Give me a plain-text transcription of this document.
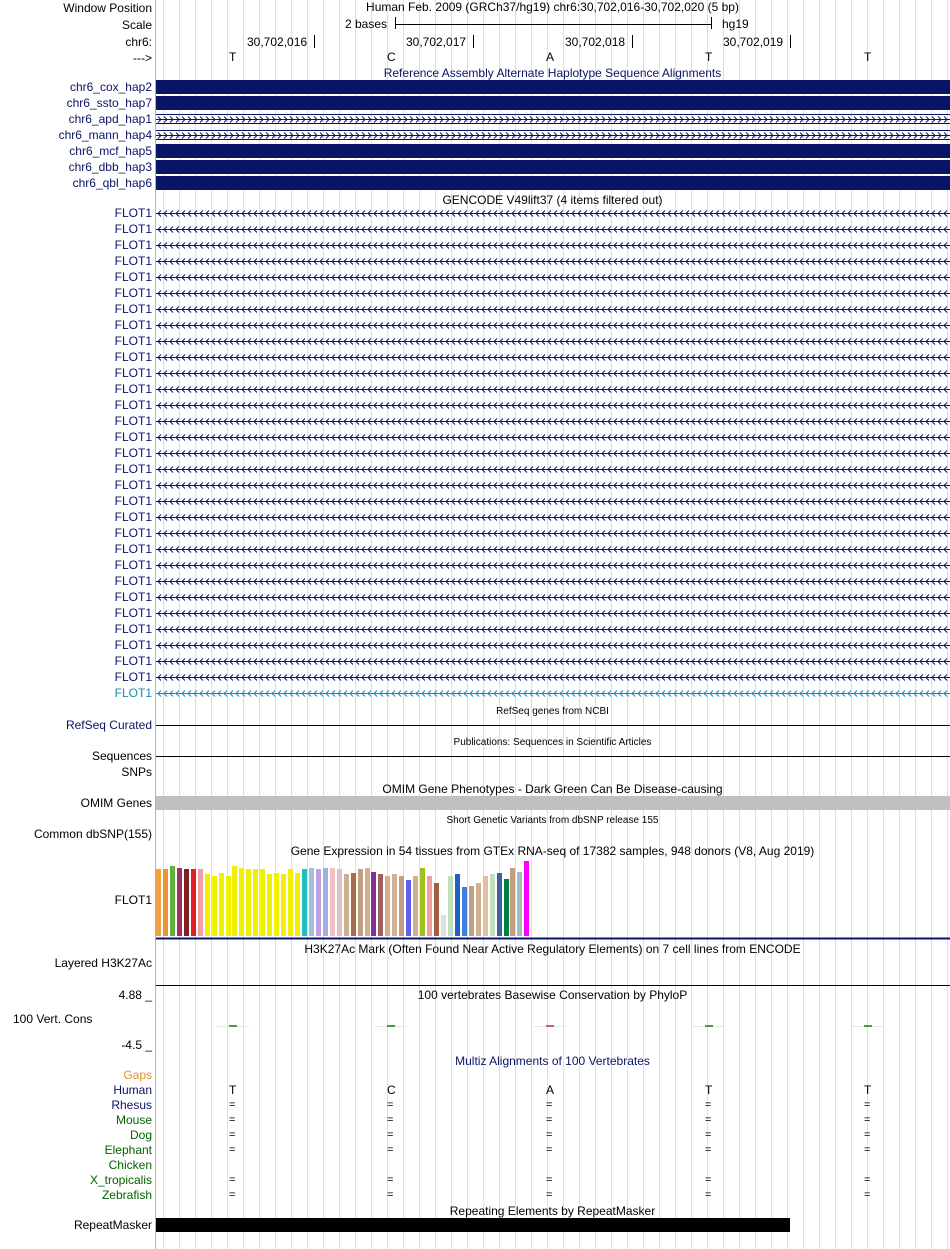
Window Position	Human Feb. 2009 (GRCh37/hg19) chr6:30,702,016-30,702,020 (5 bp)
Scale	2 bases	hg19
chr6:	30,702,016	30,702,017	30,702,018	30,702,019
--->	T	C	A	T	T
Reference Assembly Alternate Haplotype Sequence Alignments
chr6_cox_hap2
chr6_ssto_hap7
chr6_apd_hap1
chr6_mann_hap4
chr6_mcf_hap5
chr6_dbb_hap3
chr6_qbl_hap6
GENCODE V49lift37 (4 items filtered out)
FLOT1
FLOT1
FLOT1
FLOT1
FLOT1
FLOT1
FLOT1
FLOT1
FLOT1
FLOT1
FLOT1
FLOT1
FLOT1
FLOT1
FLOT1
FLOT1
FLOT1
FLOT1
FLOT1
FLOT1
FLOT1
FLOT1
FLOT1
FLOT1
FLOT1
FLOT1
FLOT1
FLOT1
FLOT1
FLOT1
FLOT1
RefSeq genes from NCBI
RefSeq Curated
Publications: Sequences in Scientific Articles
Sequences
SNPs
OMIM Gene Phenotypes - Dark Green Can Be Disease-causing
OMIM Genes
Short Genetic Variants from dbSNP release 155
Common dbSNP(155)
Gene Expression in 54 tissues from GTEx RNA-seq of 17382 samples, 948 donors (V8, Aug 2019)
FLOT1
H3K27Ac Mark (Often Found Near Active Regulatory Elements) on 7 cell lines from ENCODE
Layered H3K27Ac
4.88 _	100 vertebrates Basewise Conservation by PhyloP
100 Vert. Cons
-4.5 _
Multiz Alignments of 100 Vertebrates
Gaps
Human	T	C	A	T	T
Rhesus	=	=	=	=	=
Mouse	=	=	=	=	=
Dog	=	=	=	=	=
Elephant	=	=	=	=	=
Chicken
X_tropicalis	=	=	=	=	=
Zebrafish	=	=	=	=	=
Repeating Elements by RepeatMasker
RepeatMasker
